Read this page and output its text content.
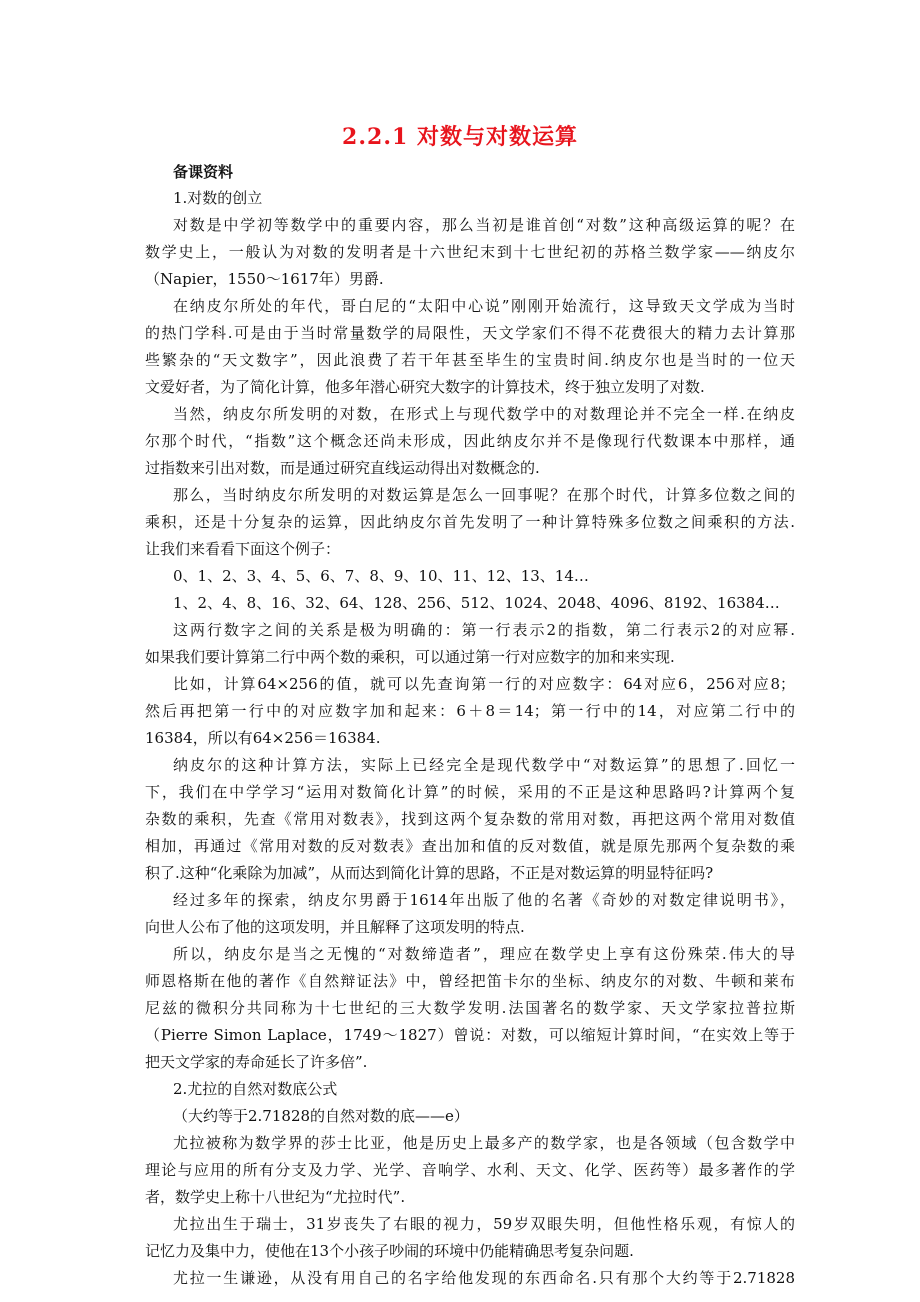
2.2.1 对数与对数运算
备课资料
1.对数的创立
对数是中学初等数学中的重要内容，那么当初是谁首创“对数”这种高级运算的呢？在
数学史上，一般认为对数的发明者是十六世纪末到十七世纪初的苏格兰数学家——纳皮尔
（Napier，1550～1617年）男爵.
在纳皮尔所处的年代，哥白尼的“太阳中心说”刚刚开始流行，这导致天文学成为当时
的热门学科.可是由于当时常量数学的局限性，天文学家们不得不花费很大的精力去计算那
些繁杂的“天文数字”，因此浪费了若干年甚至毕生的宝贵时间.纳皮尔也是当时的一位天
文爱好者，为了简化计算，他多年潜心研究大数字的计算技术，终于独立发明了对数.
当然，纳皮尔所发明的对数，在形式上与现代数学中的对数理论并不完全一样.在纳皮
尔那个时代，“指数”这个概念还尚未形成，因此纳皮尔并不是像现行代数课本中那样，通
过指数来引出对数，而是通过研究直线运动得出对数概念的.
那么，当时纳皮尔所发明的对数运算是怎么一回事呢？在那个时代，计算多位数之间的
乘积，还是十分复杂的运算，因此纳皮尔首先发明了一种计算特殊多位数之间乘积的方法.
让我们来看看下面这个例子：
0、1、2、3、4、5、6、7、8、9、10、11、12、13、14…
1、2、4、8、16、32、64、128、256、512、1024、2048、4096、8192、16384…
这两行数字之间的关系是极为明确的：第一行表示2的指数，第二行表示2的对应幂.
如果我们要计算第二行中两个数的乘积，可以通过第一行对应数字的加和来实现.
比如，计算64×256的值，就可以先查询第一行的对应数字：64对应6，256对应8；
然后再把第一行中的对应数字加和起来：6＋8＝14；第一行中的14，对应第二行中的
16384，所以有64×256＝16384.
纳皮尔的这种计算方法，实际上已经完全是现代数学中“对数运算”的思想了.回忆一
下，我们在中学学习“运用对数简化计算”的时候，采用的不正是这种思路吗?计算两个复
杂数的乘积，先查《常用对数表》，找到这两个复杂数的常用对数，再把这两个常用对数值
相加，再通过《常用对数的反对数表》查出加和值的反对数值，就是原先那两个复杂数的乘
积了.这种“化乘除为加减”，从而达到简化计算的思路，不正是对数运算的明显特征吗?
经过多年的探索，纳皮尔男爵于1614年出版了他的名著《奇妙的对数定律说明书》，
向世人公布了他的这项发明，并且解释了这项发明的特点.
所以，纳皮尔是当之无愧的“对数缔造者”，理应在数学史上享有这份殊荣.伟大的导
师恩格斯在他的著作《自然辩证法》中，曾经把笛卡尔的坐标、纳皮尔的对数、牛顿和莱布
尼兹的微积分共同称为十七世纪的三大数学发明.法国著名的数学家、天文学家拉普拉斯
（Pierre Simon Laplace，1749～1827）曾说：对数，可以缩短计算时间，“在实效上等于
把天文学家的寿命延长了许多倍”.
2.尤拉的自然对数底公式
（大约等于2.71828的自然对数的底——e）
尤拉被称为数学界的莎士比亚，他是历史上最多产的数学家，也是各领域（包含数学中
理论与应用的所有分支及力学、光学、音响学、水利、天文、化学、医药等）最多著作的学
者，数学史上称十八世纪为“尤拉时代”.
尤拉出生于瑞士，31岁丧失了右眼的视力，59岁双眼失明，但他性格乐观，有惊人的
记忆力及集中力，使他在13个小孩子吵闹的环境中仍能精确思考复杂问题.
尤拉一生谦逊，从没有用自己的名字给他发现的东西命名.只有那个大约等于2.71828
